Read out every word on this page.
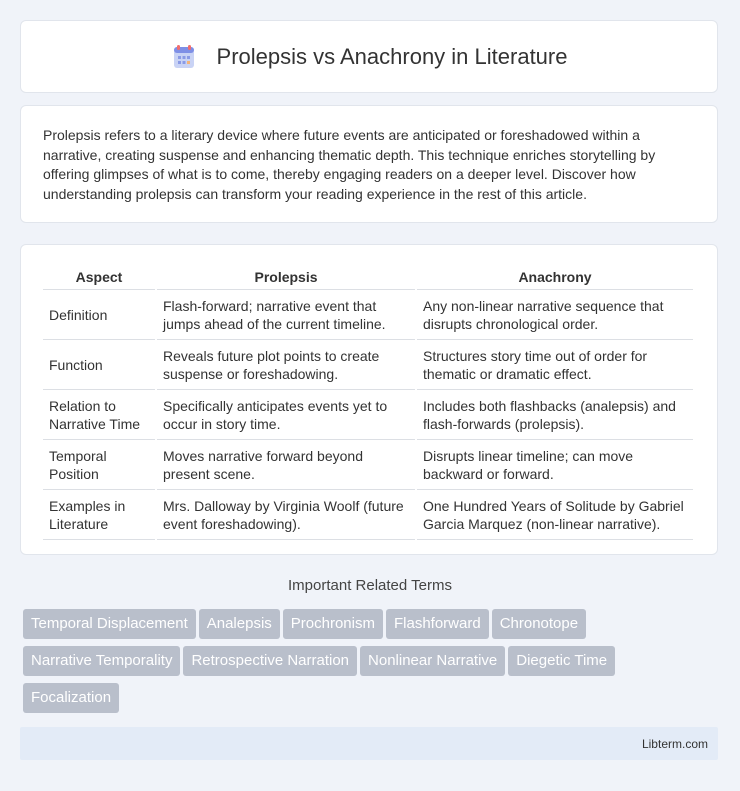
Prolepsis vs Anachrony in Literature

Prolepsis refers to a literary device where future events are anticipated or foreshadowed within a narrative, creating suspense and enhancing thematic depth. This technique enriches storytelling by offering glimpses of what is to come, thereby engaging readers on a deeper level. Discover how understanding prolepsis can transform your reading experience in the rest of this article.

Aspect	Prolepsis	Anachrony
Definition	Flash-forward; narrative event that jumps ahead of the current timeline.	Any non-linear narrative sequence that disrupts chronological order.
Function	Reveals future plot points to create suspense or foreshadowing.	Structures story time out of order for thematic or dramatic effect.
Relation to Narrative Time	Specifically anticipates events yet to occur in story time.	Includes both flashbacks (analepsis) and flash-forwards (prolepsis).
Temporal Position	Moves narrative forward beyond present scene.	Disrupts linear timeline; can move backward or forward.
Examples in Literature	Mrs. Dalloway by Virginia Woolf (future event foreshadowing).	One Hundred Years of Solitude by Gabriel Garcia Marquez (non-linear narrative).
Important Related Terms
Temporal Displacement Analepsis Prochronism Flashforward Chronotope
Narrative Temporality Retrospective Narration Nonlinear Narrative Diegetic Time
Focalization
Libterm.com
